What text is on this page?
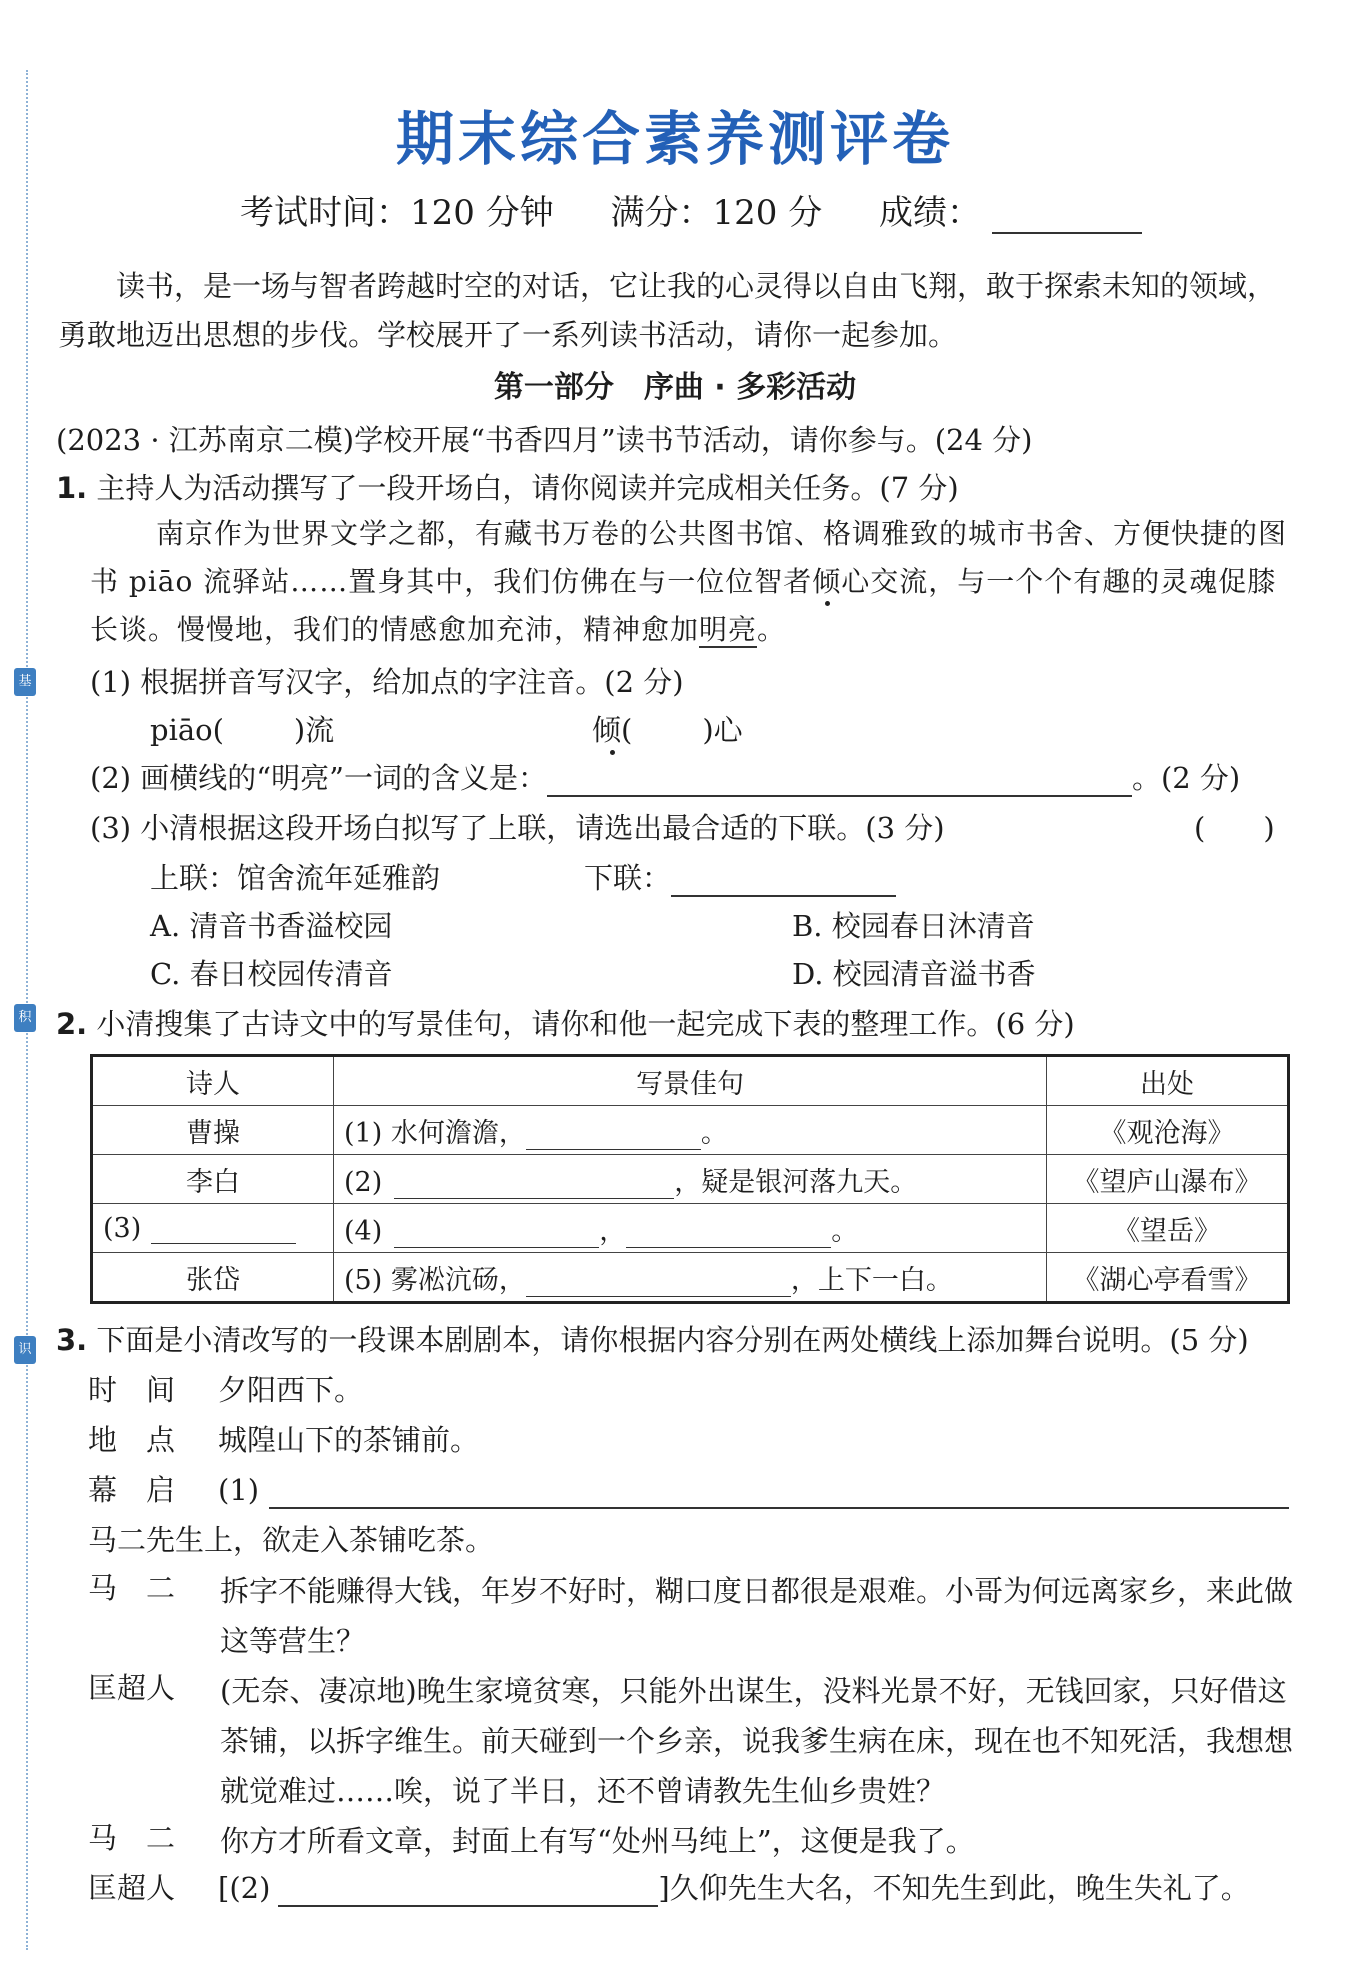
基
积
识
期末综合素养测评卷
考试时间：120 分钟 满分：120 分 成绩：
读书，是一场与智者跨越时空的对话，它让我的心灵得以自由飞翔，敢于探索未知的领域，勇敢地迈出思想的步伐。学校展开了一系列读书活动，请你一起参加。
第一部分　序曲 · 多彩活动
(2023 · 江苏南京二模)学校开展“书香四月”读书节活动，请你参与。(24 分)
1. 主持人为活动撰写了一段开场白，请你阅读并完成相关任务。(7 分)
南京作为世界文学之都，有藏书万卷的公共图书馆、格调雅致的城市书舍、方便快捷的图书 piāo 流驿站……置身其中，我们仿佛在与一位位智者倾心交流，与一个个有趣的灵魂促膝长谈。慢慢地，我们的情感愈加充沛，精神愈加明亮。
(1) 根据拼音写汉字，给加点的字注音。(2 分)
piāo( )流	倾( )心
(2) 画横线的“明亮”一词的含义是：	。(2 分)
(3) 小清根据这段开场白拟写了上联，请选出最合适的下联。(3 分)	(　　)
上联：馆舍流年延雅韵	下联：
A. 清音书香溢校园	B. 校园春日沐清音
C. 春日校园传清音	D. 校园清音溢书香
2. 小清搜集了古诗文中的写景佳句，请你和他一起完成下表的整理工作。(6 分)
诗人	写景佳句	出处
曹操	(1) 水何澹澹， 。	《观沧海》
李白	(2) ，疑是银河落九天。	《望庐山瀑布》
(3)	(4) ， 。	《望岳》
张岱	(5) 雾凇沆砀， ，上下一白。	《湖心亭看雪》
3. 下面是小清改写的一段课本剧剧本，请你根据内容分别在两处横线上添加舞台说明。(5 分)
时　间 夕阳西下。
地　点 城隍山下的茶铺前。
幕　启 (1)
马二先生上，欲走入茶铺吃茶。
马　二 拆字不能赚得大钱，年岁不好时，糊口度日都很是艰难。小哥为何远离家乡，来此做这等营生？
匡超人 (无奈、凄凉地)晚生家境贫寒，只能外出谋生，没料光景不好，无钱回家，只好借这茶铺，以拆字维生。前天碰到一个乡亲，说我爹生病在床，现在也不知死活，我想想就觉难过……唉，说了半日，还不曾请教先生仙乡贵姓？
马　二 你方才所看文章，封面上有写“处州马纯上”，这便是我了。
匡超人 [(2)	]久仰先生大名，不知先生到此，晚生失礼了。
